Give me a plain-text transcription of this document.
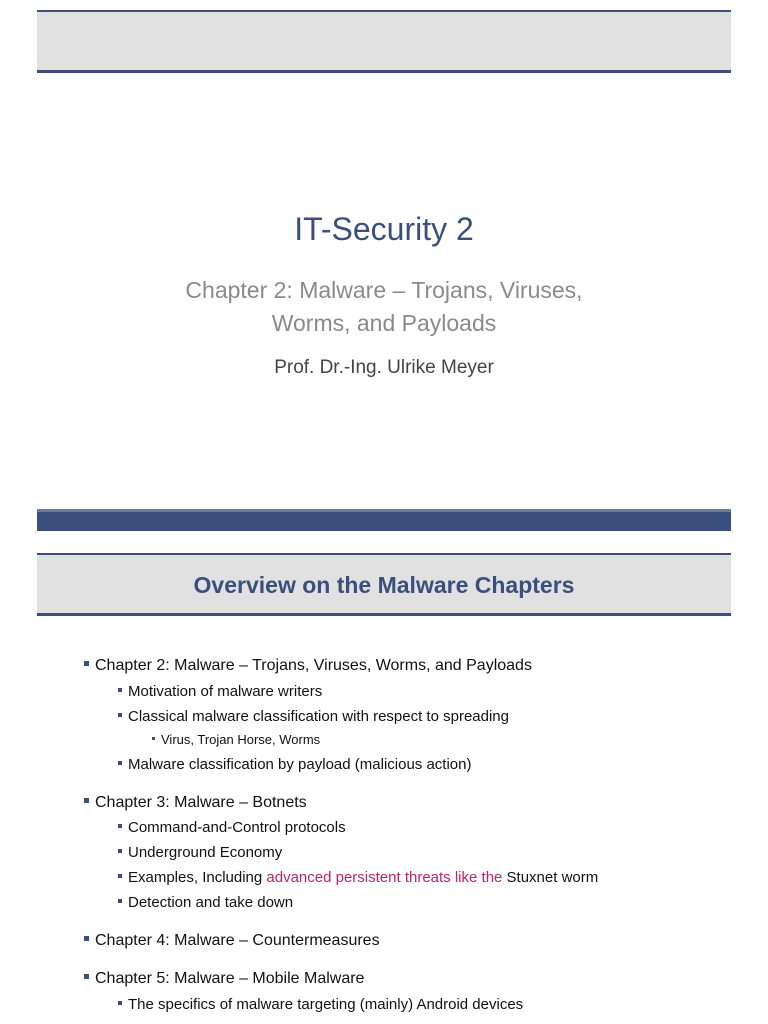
IT-Security 2
Chapter 2: Malware – Trojans, Viruses,
Worms, and Payloads
Prof. Dr.-Ing. Ulrike Meyer
Overview on the Malware Chapters
Chapter 2: Malware – Trojans, Viruses, Worms, and Payloads
Motivation of malware writers
Classical malware classification with respect to spreading
Virus, Trojan Horse, Worms
Malware classification by payload (malicious action)
Chapter 3: Malware – Botnets
Command-and-Control protocols
Underground Economy
Examples, Including advanced persistent threats like the Stuxnet worm
Detection and take down
Chapter 4: Malware – Countermeasures
Chapter 5: Malware – Mobile Malware
The specifics of malware targeting (mainly) Android devices
